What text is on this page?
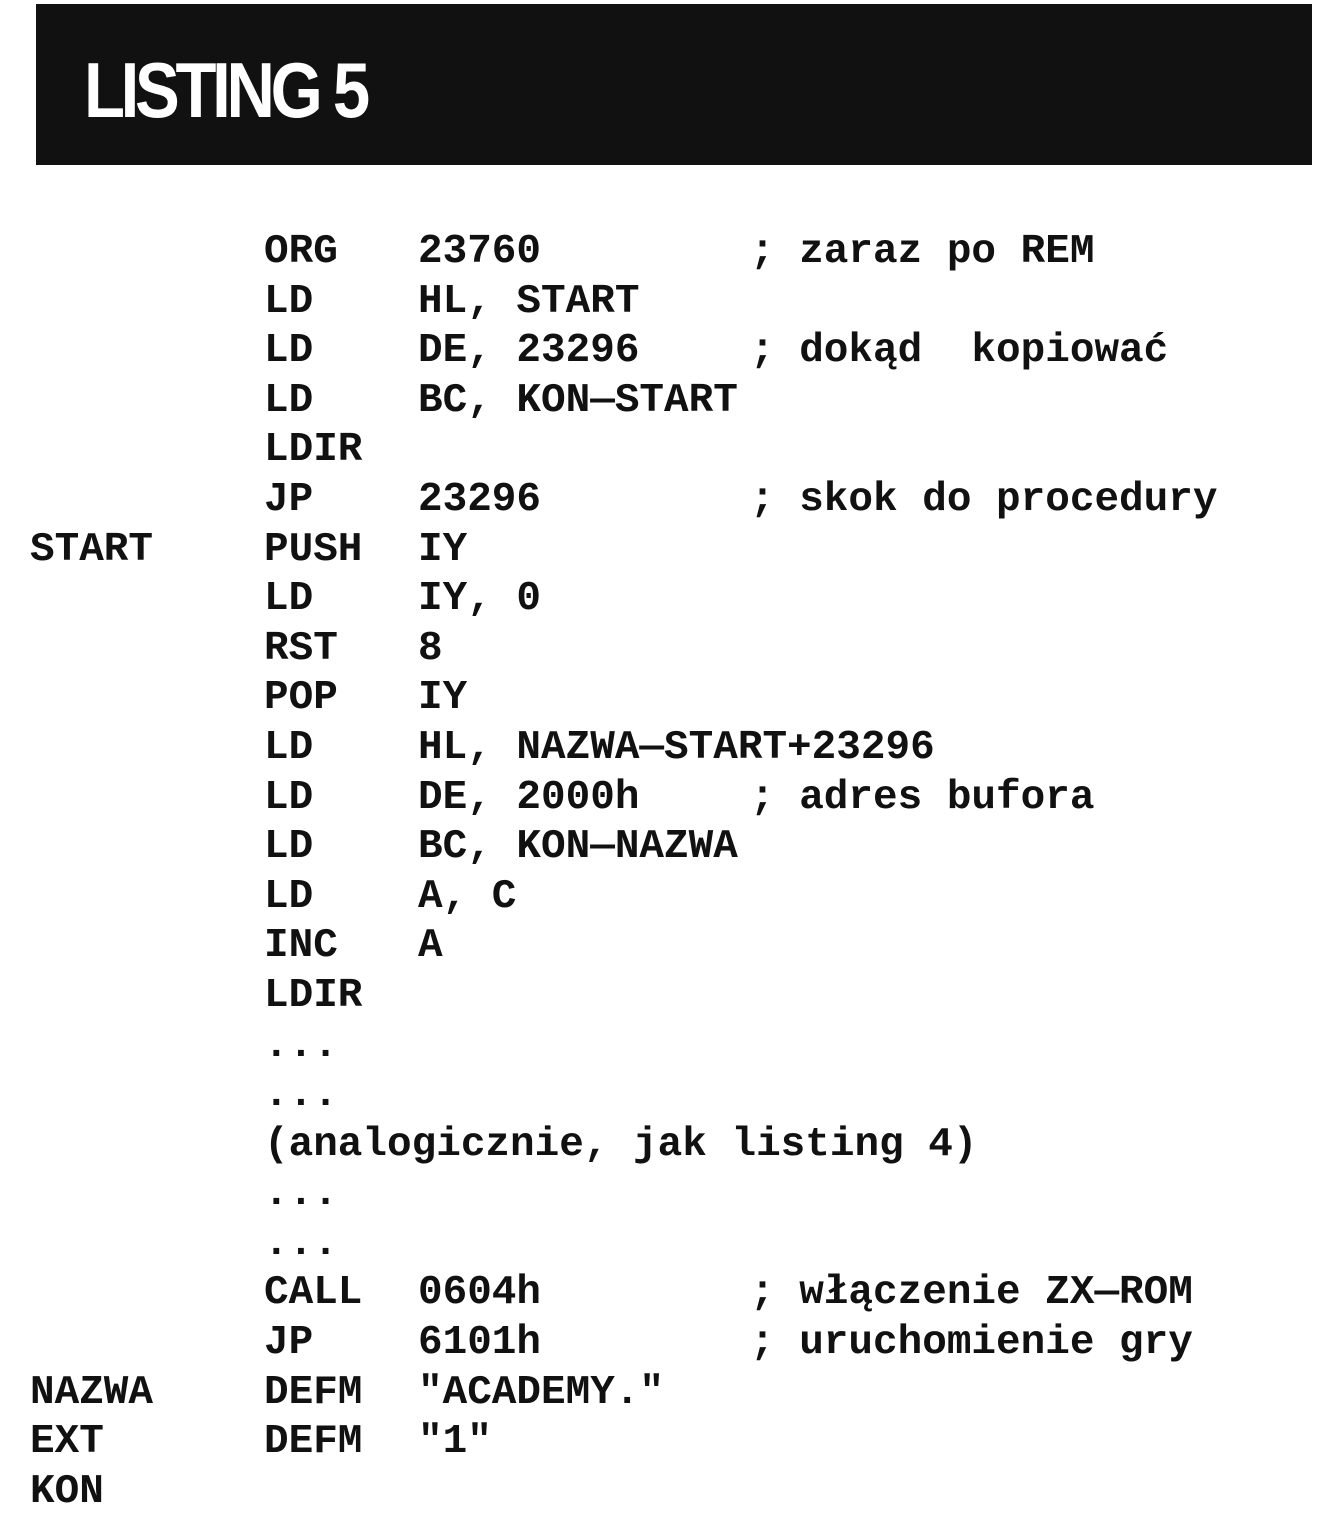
LISTING 5
ORG 23760	; zaraz po REM
LD	HL, START
LD	DE, 23296	; dokąd  kopiować
LD	BC, KON—START
LDIR
JP	23296	; skok do procedury
START	PUSH IY
LD	IY, 0
RST 8
POP IY
LD	HL, NAZWA—START+23296
LD	DE, 2000h	; adres bufora
LD	BC, KON—NAZWA
LD	A, C
INC A
LDIR
...
...
(analogicznie, jak listing 4)
...
...
CALL 0604h	; włączenie ZX—ROM
JP	6101h	; uruchomienie gry
NAZWA	DEFM "ACADEMY."
EXT	DEFM "1"
KON
